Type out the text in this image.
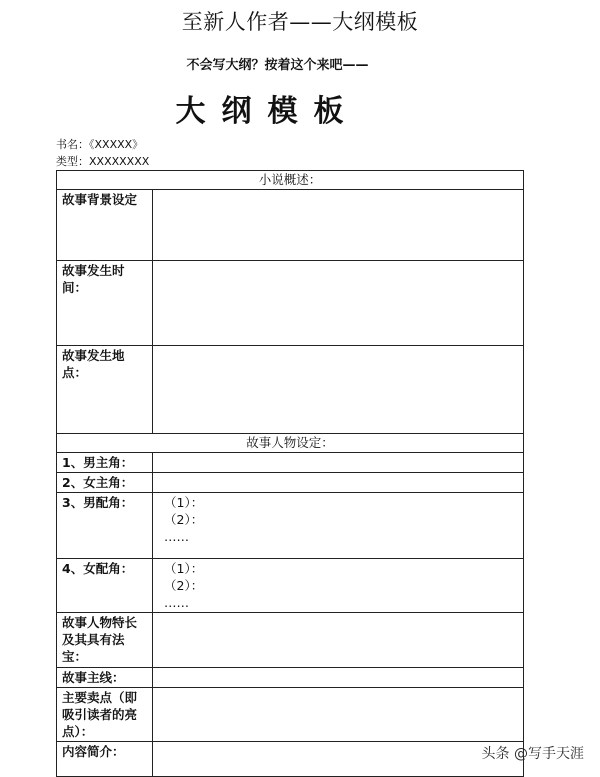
至新人作者——大纲模板
不会写大纲？按着这个来吧——
大纲模板
书名：《XXXXX》
类型：XXXXXXXX
小说概述：	
故事背景设定	
故事发生时间：	
故事发生地点：	
故事人物设定：	
1、男主角：	
2、女主角：	
3、男配角：	（1）：
（2）：
……

4、女配角：	（1）：
（2）：
……

故事人物特长及其具有法宝：	
故事主线：	
主要卖点（即吸引读者的亮点）：	
内容简介：		头条 @写手天涯
